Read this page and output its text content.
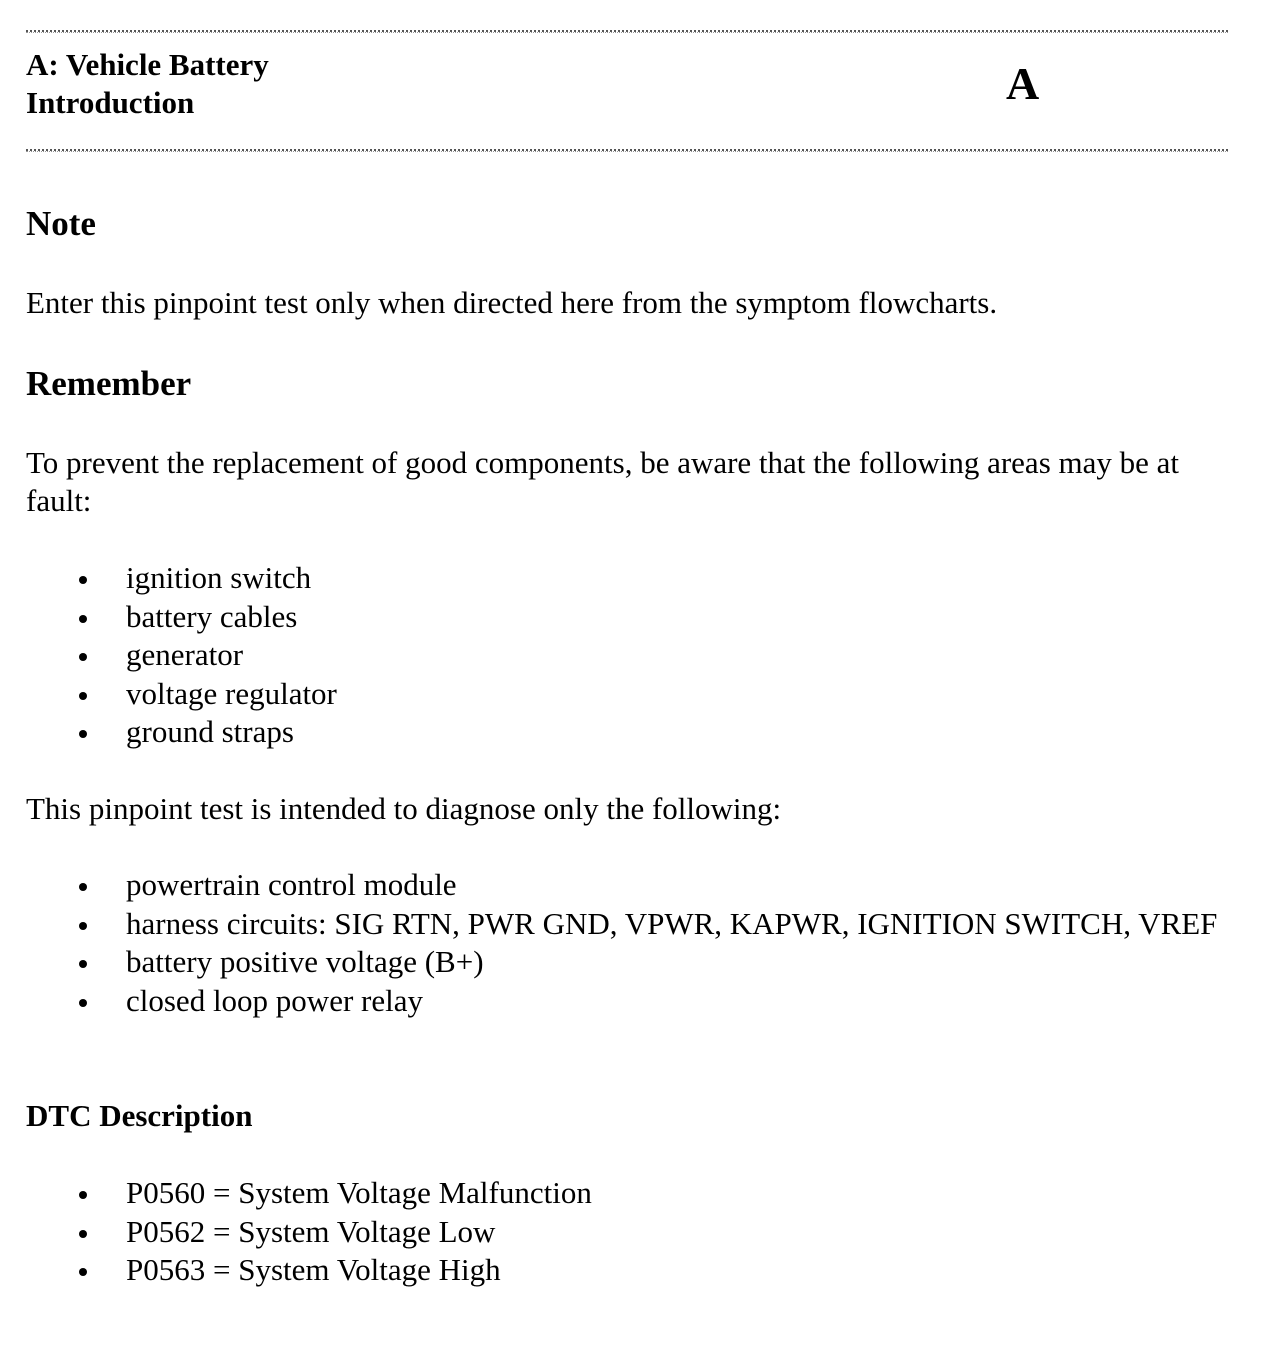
A: Vehicle Battery
Introduction	A
Note
Enter this pinpoint test only when directed here from the symptom flowcharts.
Remember
To prevent the replacement of good components, be aware that the following areas may be at fault:
ignition switch
battery cables
generator
voltage regulator
ground straps
This pinpoint test is intended to diagnose only the following:
powertrain control module
harness circuits: SIG RTN, PWR GND, VPWR, KAPWR, IGNITION SWITCH, VREF
battery positive voltage (B+)
closed loop power relay
DTC Description
P0560 = System Voltage Malfunction
P0562 = System Voltage Low
P0563 = System Voltage High
